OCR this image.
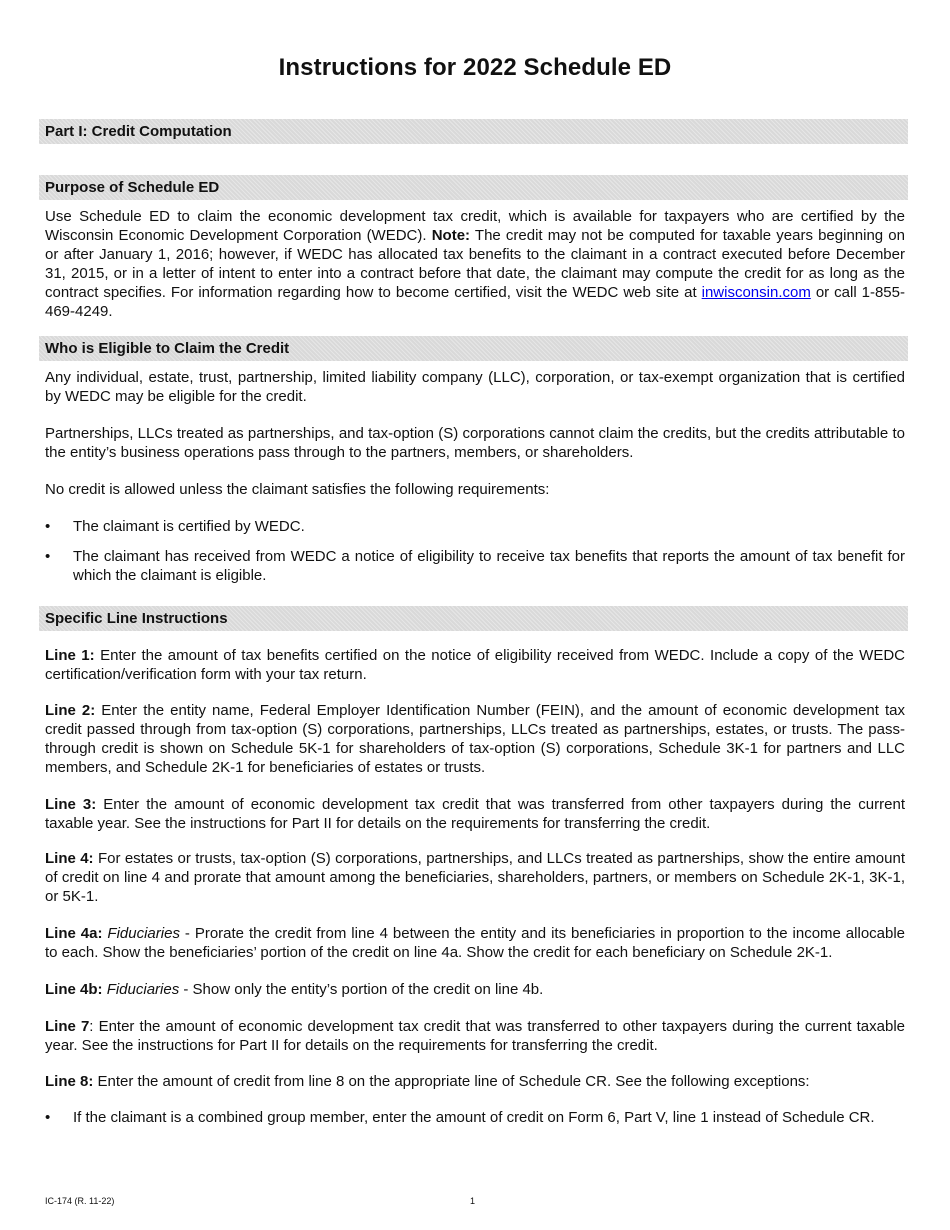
Instructions for 2022 Schedule ED
Part I: Credit Computation
Purpose of Schedule ED

Use Schedule ED to claim the economic development tax credit, which is available for taxpayers who are certified by the Wisconsin Economic Development Corporation (WEDC). Note: The credit may not be computed for taxable years beginning on or after January 1, 2016; however, if WEDC has allocated tax benefits to the claimant in a contract executed before December 31, 2015, or in a letter of intent to enter into a contract before that date, the claimant may compute the credit for as long as the contract specifies. For information regarding how to become certified, visit the WEDC web site at inwisconsin.com or call 1-855-469-4249.

Who is Eligible to Claim the Credit

Any individual, estate, trust, partnership, limited liability company (LLC), corporation, or tax-exempt organization that is certified by WEDC may be eligible for the credit.

Partnerships, LLCs treated as partnerships, and tax-option (S) corporations cannot claim the credits, but the credits attributable to the entity’s business operations pass through to the partners, members, or shareholders.

No credit is allowed unless the claimant satisfies the following requirements:

•	The claimant is certified by WEDC.
•	The claimant has received from WEDC a notice of eligibility to receive tax benefits that reports the amount of tax benefit for which the claimant is eligible.
Specific Line Instructions

Line 1: Enter the amount of tax benefits certified on the notice of eligibility received from WEDC. Include a copy of the WEDC certification/verification form with your tax return.

Line 2: Enter the entity name, Federal Employer Identification Number (FEIN), and the amount of economic development tax credit passed through from tax-option (S) corporations, partnerships, LLCs treated as partnerships, estates, or trusts. The pass-through credit is shown on Schedule 5K-1 for shareholders of tax-option (S) corporations, Schedule 3K-1 for partners and LLC members, and Schedule 2K-1 for beneficiaries of estates or trusts.

Line 3: Enter the amount of economic development tax credit that was transferred from other taxpayers during the current taxable year. See the instructions for Part II for details on the requirements for transferring the credit.

Line 4: For estates or trusts, tax-option (S) corporations, partnerships, and LLCs treated as partnerships, show the entire amount of credit on line 4 and prorate that amount among the beneficiaries, shareholders, partners, or members on Schedule 2K-1, 3K-1, or 5K-1.

Line 4a: Fiduciaries - Prorate the credit from line 4 between the entity and its beneficiaries in proportion to the income allocable to each. Show the beneficiaries’ portion of the credit on line 4a. Show the credit for each beneficiary on Schedule 2K-1.

Line 4b: Fiduciaries - Show only the entity’s portion of the credit on line 4b.

Line 7: Enter the amount of economic development tax credit that was transferred to other taxpayers during the current taxable year. See the instructions for Part II for details on the requirements for transferring the credit.

Line 8: Enter the amount of credit from line 8 on the appropriate line of Schedule CR. See the following exceptions:

•	If the claimant is a combined group member, enter the amount of credit on Form 6, Part V, line 1 instead of Schedule CR.
IC-174 (R. 11-22)	1
